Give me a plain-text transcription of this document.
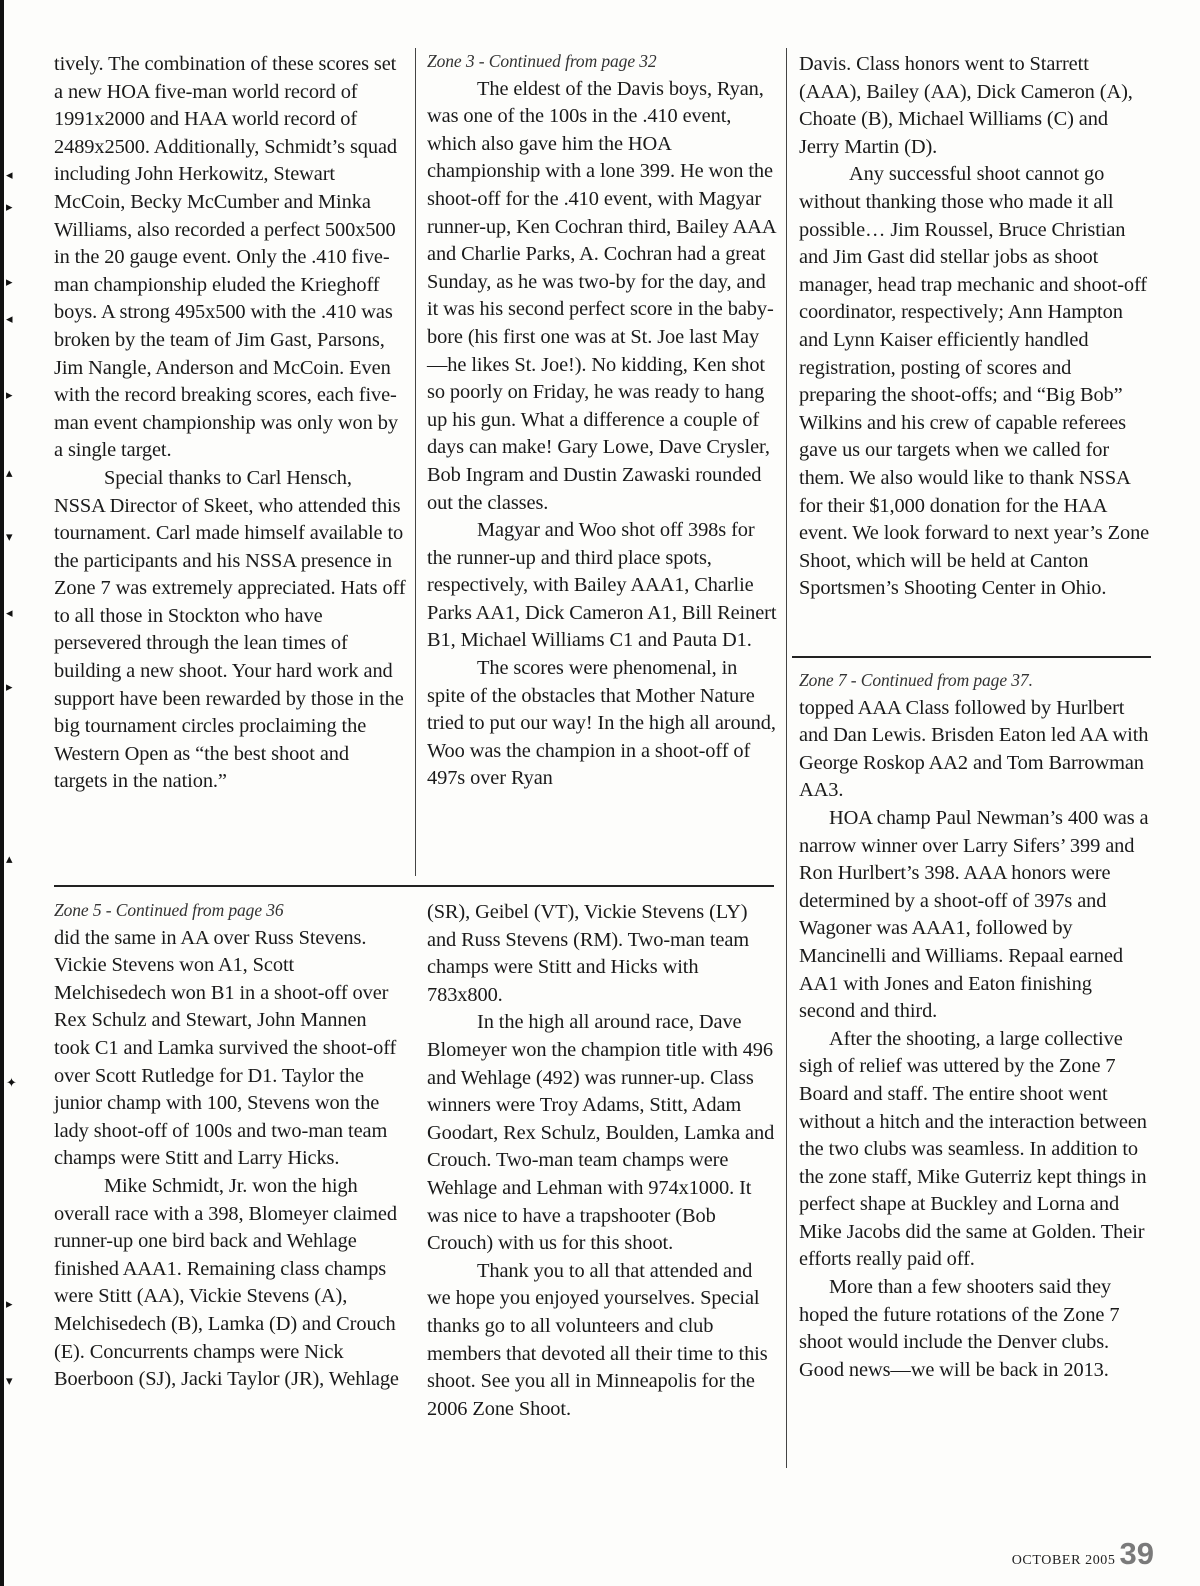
◂
▸
▸
◂
▸
▴
▾
◂
▸
▴
✦
▸
▾

tively. The combination of these scores set a new HOA five-man world record of 1991x2000 and HAA world record of 2489x2500. Additionally, Schmidt’s squad including John Herkowitz, Stewart McCoin, Becky McCumber and Minka Williams, also recorded a perfect 500x500 in the 20 gauge event. Only the .410 five-man championship eluded the Krieghoff boys. A strong 495x500 with the .410 was broken by the team of Jim Gast, Parsons, Jim Nangle, Anderson and McCoin. Even with the record breaking scores, each five-man event championship was only won by a single target.

Special thanks to Carl Hensch, NSSA Director of Skeet, who attended this tournament. Carl made himself available to the participants and his NSSA presence in Zone 7 was extremely appreciated. Hats off to all those in Stockton who have persevered through the lean times of building a new shoot. Your hard work and support have been rewarded by those in the big tournament circles proclaiming the Western Open as “the best shoot and targets in the nation.”

Zone 3 - Continued from page 32

The eldest of the Davis boys, Ryan, was one of the 100s in the .410 event, which also gave him the HOA championship with a lone 399. He won the shoot-off for the .410 event, with Magyar runner-up, Ken Cochran third, Bailey AAA and Charlie Parks, A. Cochran had a great Sunday, as he was two-by for the day, and it was his second perfect score in the baby-bore (his first one was at St. Joe last May —he likes St. Joe!). No kidding, Ken shot so poorly on Friday, he was ready to hang up his gun. What a difference a couple of days can make! Gary Lowe, Dave Crysler, Bob Ingram and Dustin Zawaski rounded out the classes.

Magyar and Woo shot off 398s for the runner-up and third place spots, respectively, with Bailey AAA1, Charlie Parks AA1, Dick Cameron A1, Bill Reinert B1, Michael Williams C1 and Pauta D1.

The scores were phenomenal, in spite of the obstacles that Mother Nature tried to put our way! In the high all around, Woo was the champion in a shoot-off of 497s over Ryan

Davis. Class honors went to Starrett (AAA), Bailey (AA), Dick Cameron (A), Choate (B), Michael Williams (C) and Jerry Martin (D).

Any successful shoot cannot go without thanking those who made it all possible… Jim Roussel, Bruce Christian and Jim Gast did stellar jobs as shoot manager, head trap mechanic and shoot-off coordinator, respectively; Ann Hampton and Lynn Kaiser efficiently handled registration, posting of scores and preparing the shoot-offs; and “Big Bob” Wilkins and his crew of capable referees gave us our targets when we called for them. We also would like to thank NSSA for their $1,000 donation for the HAA event. We look forward to next year’s Zone Shoot, which will be held at Canton Sportsmen’s Shooting Center in Ohio.

Zone 7 - Continued from page 37.

topped AAA Class followed by Hurlbert and Dan Lewis. Brisden Eaton led AA with George Roskop AA2 and Tom Barrowman AA3.

HOA champ Paul Newman’s 400 was a narrow winner over Larry Sifers’ 399 and Ron Hurlbert’s 398. AAA honors were determined by a shoot-off of 397s and Wagoner was AAA1, followed by Mancinelli and Williams. Repaal earned AA1 with Jones and Eaton finishing second and third.

After the shooting, a large collective sigh of relief was uttered by the Zone 7 Board and staff. The entire shoot went without a hitch and the interaction between the two clubs was seamless. In addition to the zone staff, Mike Guterriz kept things in perfect shape at Buckley and Lorna and Mike Jacobs did the same at Golden. Their efforts really paid off.

More than a few shooters said they hoped the future rotations of the Zone 7 shoot would include the Denver clubs. Good news—we will be back in 2013.

Zone 5 - Continued from page 36

did the same in AA over Russ Stevens. Vickie Stevens won A1, Scott Melchisedech won B1 in a shoot-off over Rex Schulz and Stewart, John Mannen took C1 and Lamka survived the shoot-off over Scott Rutledge for D1. Taylor the junior champ with 100, Stevens won the lady shoot-off of 100s and two-man team champs were Stitt and Larry Hicks.

Mike Schmidt, Jr. won the high overall race with a 398, Blomeyer claimed runner-up one bird back and Wehlage finished AAA1. Remaining class champs were Stitt (AA), Vickie Stevens (A), Melchisedech (B), Lamka (D) and Crouch (E). Concurrents champs were Nick Boerboon (SJ), Jacki Taylor (JR), Wehlage

(SR), Geibel (VT), Vickie Stevens (LY) and Russ Stevens (RM). Two-man team champs were Stitt and Hicks with 783x800.

In the high all around race, Dave Blomeyer won the champion title with 496 and Wehlage (492) was runner-up. Class winners were Troy Adams, Stitt, Adam Goodart, Rex Schulz, Boulden, Lamka and Crouch. Two-man team champs were Wehlage and Lehman with 974x1000. It was nice to have a trapshooter (Bob Crouch) with us for this shoot.

Thank you to all that attended and we hope you enjoyed yourselves. Special thanks go to all volunteers and club members that devoted all their time to this shoot. See you all in Minneapolis for the 2006 Zone Shoot.

OCTOBER 2005 39
